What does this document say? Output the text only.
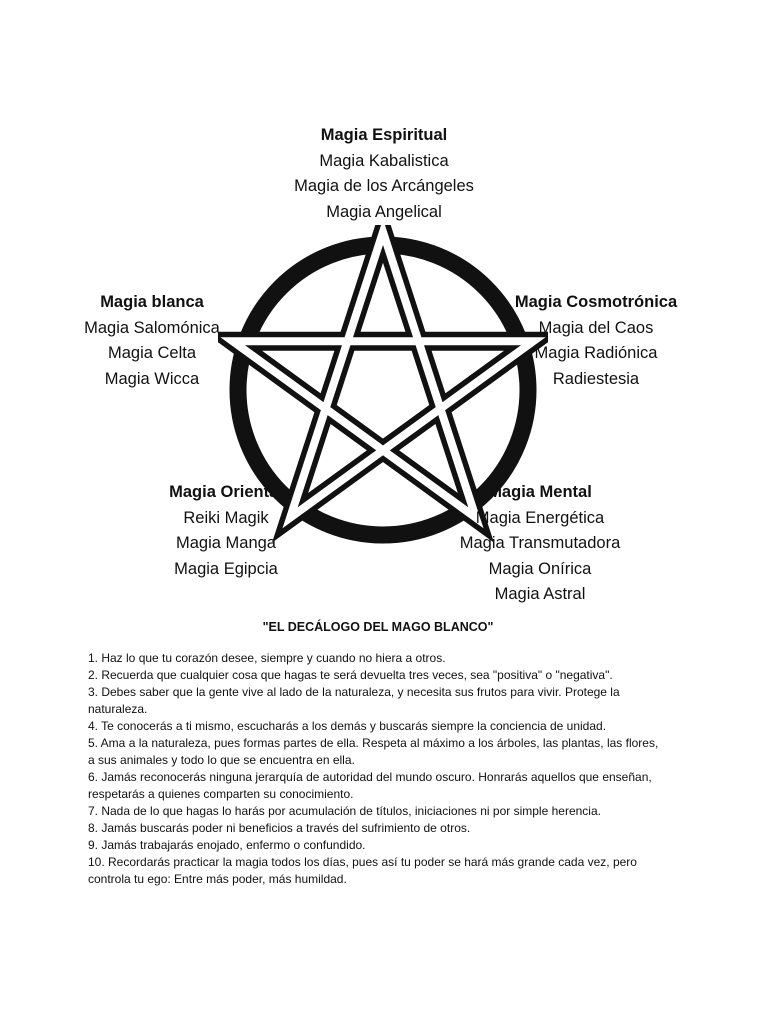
Magia Espiritual
Magia Kabalistica
Magia de los Arcángeles
Magia Angelical
Magia blanca
Magia Salomónica
Magia Celta
Magia Wicca
Magia Cosmotrónica
Magia del Caos
Magia Radiónica
Radiestesia
Magia Oriental
Reiki Magik
Magia Manga
Magia Egipcia
Magia Mental
Magia Energética
Magia Transmutadora
Magia Onírica
Magia Astral
"EL DECÁLOGO DEL MAGO BLANCO"

1. Haz lo que tu corazón desee, siempre y cuando no hiera a otros.

2. Recuerda que cualquier cosa que hagas te será devuelta tres veces, sea "positiva" o "negativa".

3. Debes saber que la gente vive al lado de la naturaleza, y necesita sus frutos para vivir. Protege la naturaleza.

4. Te conocerás a ti mismo, escucharás a los demás y buscarás siempre la conciencia de unidad.

5. Ama a la naturaleza, pues formas partes de ella. Respeta al máximo a los árboles, las plantas, las flores, a sus animales y todo lo que se encuentra en ella.

6. Jamás reconocerás ninguna jerarquía de autoridad del mundo oscuro. Honrarás aquellos que enseñan, respetarás a quienes comparten su conocimiento.

7. Nada de lo que hagas lo harás por acumulación de títulos, iniciaciones ni por simple herencia.

8. Jamás buscarás poder ni beneficios a través del sufrimiento de otros.

9. Jamás trabajarás enojado, enfermo o confundido.

10. Recordarás practicar la magia todos los días, pues así tu poder se hará más grande cada vez, pero controla tu ego: Entre más poder, más humildad.
